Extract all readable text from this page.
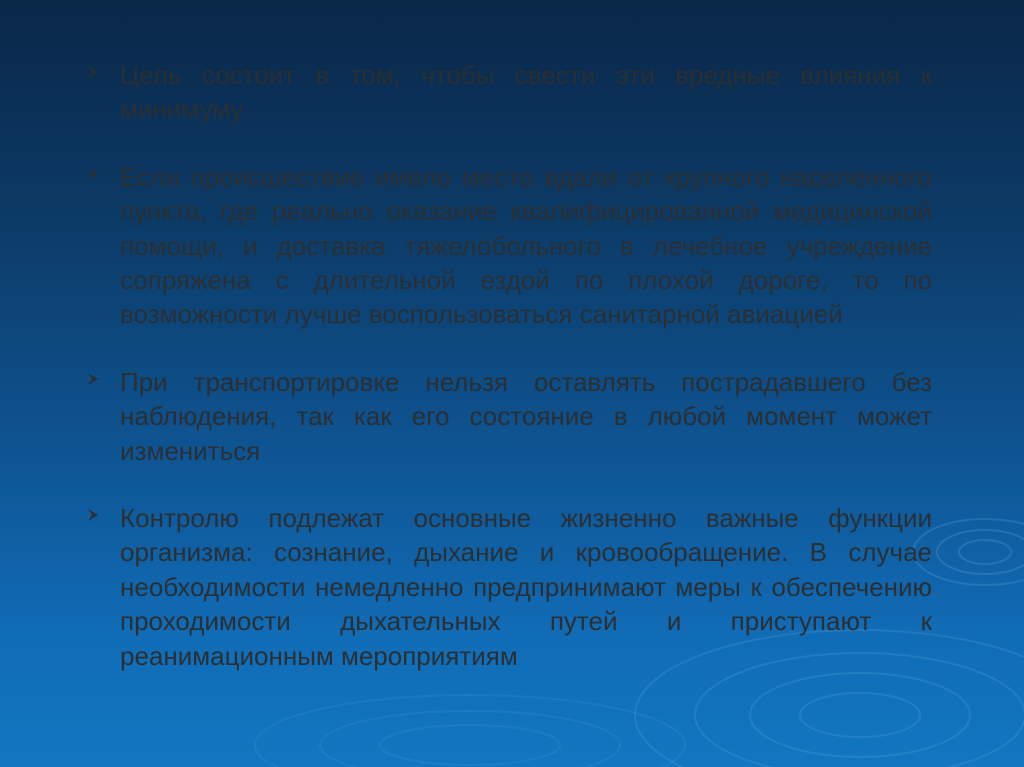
Цель состоит в том, чтобы свести эти вредные влияния к минимуму
Если происшествие имело место вдали от крупного населенного пункта, где реально оказание квалифицированной медицинской помощи, и доставка тяжелобольного в лечебное учреждение сопряжена с длительной ездой по плохой дороге, то по возможности лучше воспользоваться санитарной авиацией
При транспортировке нельзя оставлять пострадавшего без наблюдения, так как его состояние в любой момент может измениться
Контролю подлежат основные жизненно важные функции организма: сознание, дыхание и кровообращение. В случае необходимости немедленно предпринимают меры к обеспечению проходимости дыхательных путей и приступают к реанимационным мероприятиям
